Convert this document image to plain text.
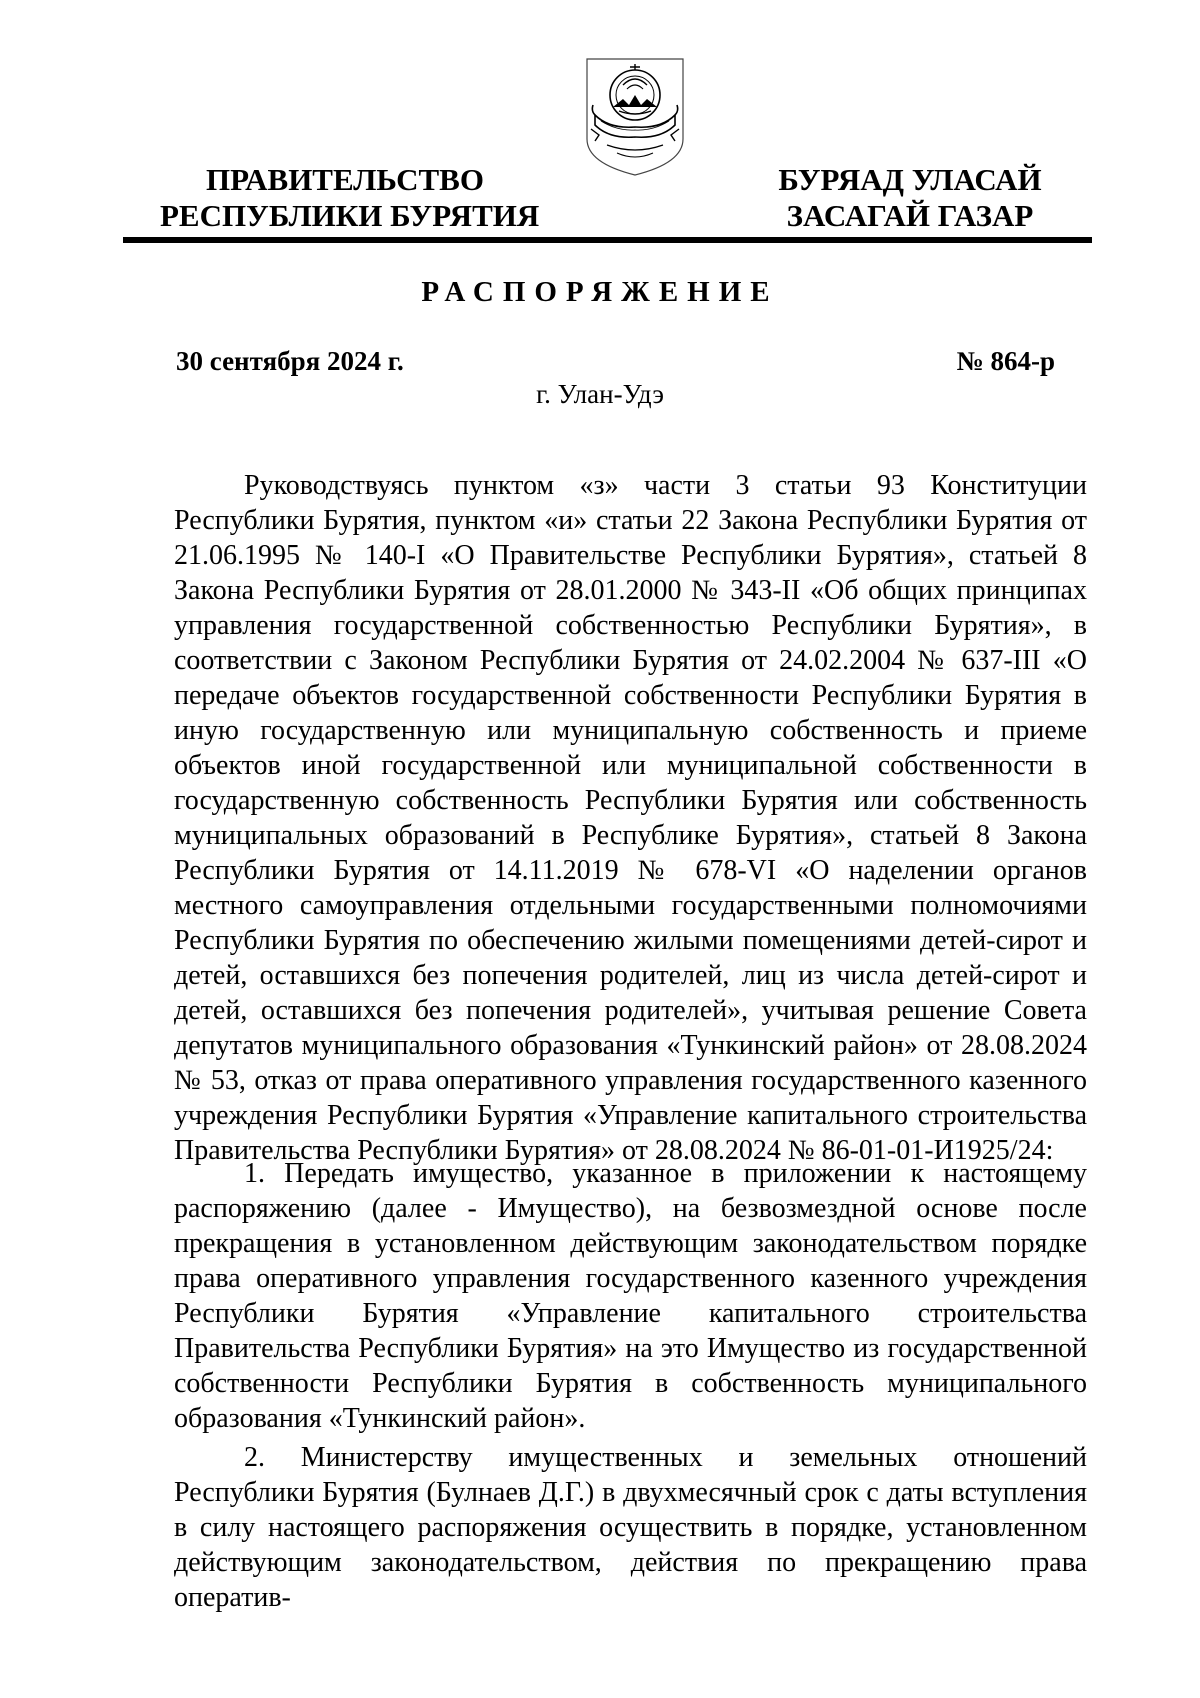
ПРАВИТЕЛЬСТВО
РЕСПУБЛИКИ БУРЯТИЯ
БУРЯАД УЛАСАЙ
ЗАСАГАЙ ГАЗАР
РАСПОРЯЖЕНИЕ
30 сентября 2024 г.	№ 864-р
г. Улан-Удэ

Руководствуясь пунктом «з» части 3 статьи 93 Конституции Республики Бурятия, пунктом «и» статьи 22 Закона Республики Бурятия от 21.06.1995 № 140-I «О Правительстве Республики Бурятия», статьей 8 Закона Республики Бурятия от 28.01.2000 № 343-II «Об общих принципах управления государственной собственностью Республики Бурятия», в соответствии с Законом Республики Бурятия от 24.02.2004 № 637-III «О передаче объектов государственной собственности Республики Бурятия в иную государственную или муниципальную собственность и приеме объектов иной государственной или муниципальной собственности в государственную собственность Республики Бурятия или собственность муниципальных образований в Республике Бурятия», статьей 8 Закона Республики Бурятия от 14.11.2019 № 678-VI «О наделении органов местного самоуправления отдельными государственными полномочиями Республики Бурятия по обеспечению жилыми помещениями детей-сирот и детей, оставшихся без попечения родителей, лиц из числа детей-сирот и детей, оставшихся без попечения родителей», учитывая решение Совета депутатов муниципального образования «Тункинский район» от 28.08.2024 № 53, отказ от права оперативного управления государственного казенного учреждения Республики Бурятия «Управление капитального строительства Правительства Республики Бурятия» от 28.08.2024 № 86-01-01-И1925/24:

1. Передать имущество, указанное в приложении к настоящему распоряжению (далее - Имущество), на безвозмездной основе после прекращения в установленном действующим законодательством порядке права оперативного управления государственного казенного учреждения Республики Бурятия «Управление капитального строительства Правительства Республики Бурятия» на это Имущество из государственной собственности Республики Бурятия в собственность муниципального образования «Тункинский район».

2. Министерству имущественных и земельных отношений Республики Бурятия (Булнаев Д.Г.) в двухмесячный срок с даты вступления в силу настоящего распоряжения осуществить в порядке, установленном действующим законодательством, действия по прекращению права оператив-
